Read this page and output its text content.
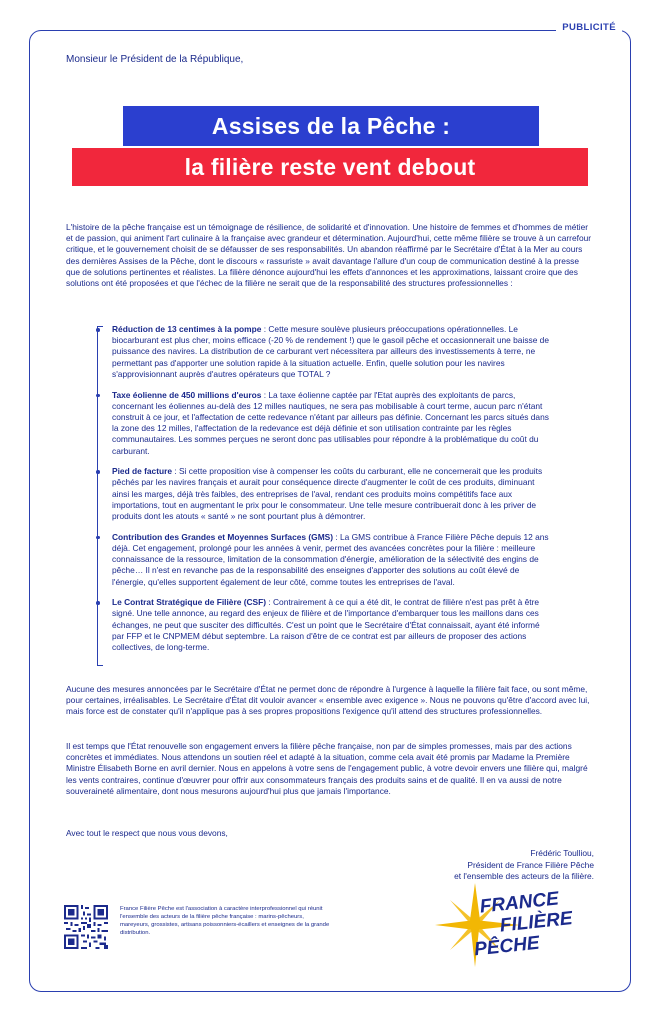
PUBLICITÉ
Monsieur le Président de la République,
Assises de la Pêche :
la filière reste vent debout
L'histoire de la pêche française est un témoignage de résilience, de solidarité et d'innovation. Une histoire de femmes et d'hommes de métier et de passion, qui animent l'art culinaire à la française avec grandeur et détermination. Aujourd'hui, cette même filière se trouve à un carrefour critique, et le gouvernement choisit de se défausser de ses responsabilités. Un abandon réaffirmé par le Secrétaire d'État à la Mer au cours des dernières Assises de la Pêche, dont le discours « rassuriste » avait davantage l'allure d'un coup de communication destiné à la presse que de solutions pertinentes et réalistes. La filière dénonce aujourd'hui les effets d'annonces et les approximations, laissant croire que des solutions ont été proposées et que l'échec de la filière ne serait que de la responsabilité des structures professionnelles :
Réduction de 13 centimes à la pompe : Cette mesure soulève plusieurs préoccupations opérationnelles. Le biocarburant est plus cher, moins efficace (-20 % de rendement !) que le gasoil pêche et occasionnerait une baisse de puissance des navires. La distribution de ce carburant vert nécessitera par ailleurs des investissements à terre, ne permettant pas d'apporter une solution rapide à la situation actuelle. Enfin, quelle solution pour les navires s'approvisionnant auprès d'autres opérateurs que TOTAL ?
Taxe éolienne de 450 millions d'euros : La taxe éolienne captée par l'Etat auprès des exploitants de parcs, concernant les éoliennes au-delà des 12 milles nautiques, ne sera pas mobilisable à court terme, aucun parc n'étant construit à ce jour, et l'affectation de cette redevance n'étant par ailleurs pas définie. Concernant les parcs situés dans la zone des 12 milles, l'affectation de la redevance est déjà définie et son utilisation contrainte par les règles communautaires. Les sommes perçues ne seront donc pas utilisables pour répondre à la problématique du coût du carburant.
Pied de facture : Si cette proposition vise à compenser les coûts du carburant, elle ne concernerait que les produits pêchés par les navires français et aurait pour conséquence directe d'augmenter le coût de ces produits, diminuant ainsi les marges, déjà très faibles, des entreprises de l'aval, rendant ces produits moins compétitifs face aux importations, tout en augmentant le prix pour le consommateur. Une telle mesure contribuerait donc à les priver de produits dont les atouts « santé » ne sont pourtant plus à démontrer.
Contribution des Grandes et Moyennes Surfaces (GMS) : La GMS contribue à France Filière Pêche depuis 12 ans déjà. Cet engagement, prolongé pour les années à venir, permet des avancées concrètes pour la filière : meilleure connaissance de la ressource, limitation de la consommation d'énergie, amélioration de la sélectivité des engins de pêche… Il n'est en revanche pas de la responsabilité des enseignes d'apporter des solutions au coût élevé de l'énergie, qu'elles supportent également de leur côté, comme toutes les entreprises de l'aval.
Le Contrat Stratégique de Filière (CSF) : Contrairement à ce qui a été dit, le contrat de filière n'est pas prêt à être signé. Une telle annonce, au regard des enjeux de filière et de l'importance d'embarquer tous les maillons dans ces échanges, ne peut que susciter des difficultés. C'est un point que le Secrétaire d'État connaissait, ayant été informé par FFP et le CNPMEM début septembre. La raison d'être de ce contrat est par ailleurs de proposer des actions collectives, de long-terme.
Aucune des mesures annoncées par le Secrétaire d'État ne permet donc de répondre à l'urgence à laquelle la filière fait face, ou sont même, pour certaines, irréalisables. Le Secrétaire d'État dit vouloir avancer « ensemble avec exigence ». Nous ne pouvons qu'être d'accord avec lui, mais force est de constater qu'il n'applique pas à ses propres propositions l'exigence qu'il attend des structures professionnelles.
Il est temps que l'État renouvelle son engagement envers la filière pêche française, non par de simples promesses, mais par des actions concrètes et immédiates. Nous attendons un soutien réel et adapté à la situation, comme cela avait été promis par Madame la Première Ministre Élisabeth Borne en avril dernier. Nous en appelons à votre sens de l'engagement public, à votre devoir envers une filière qui, malgré les vents contraires, continue d'œuvrer pour offrir aux consommateurs français des produits sains et de qualité. Il en va aussi de notre souveraineté alimentaire, dont nous mesurons aujourd'hui plus que jamais l'importance.
Avec tout le respect que nous vous devons,
Frédéric Toulliou,
Président de France Filière Pêche
et l'ensemble des acteurs de la filière.
France Filière Pêche est l'association à caractère interprofessionnel qui réunit l'ensemble des acteurs de la filière pêche française : marins-pêcheurs, mareyeurs, grossistes, artisans poissonniers-écaillers et enseignes de la grande distribution.
FRANCE
FILIÈRE
PÊCHE
